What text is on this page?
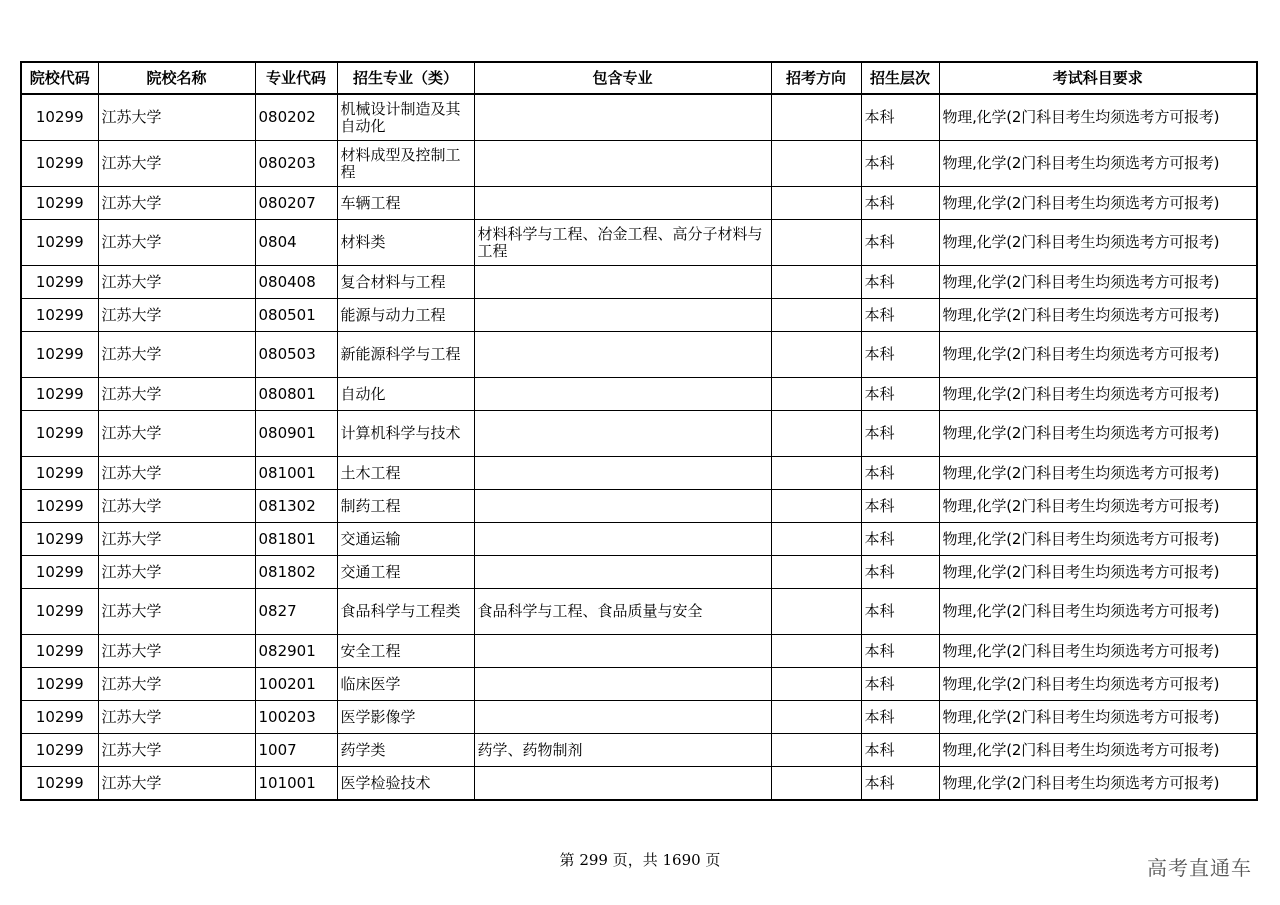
院校代码	院校名称	专业代码	招生专业（类）	包含专业	招考方向	招生层次	考试科目要求
10299	江苏大学	080202	机械设计制造及其自动化			本科	物理,化学(2门科目考生均须选考方可报考)
10299	江苏大学	080203	材料成型及控制工程			本科	物理,化学(2门科目考生均须选考方可报考)
10299	江苏大学	080207	车辆工程			本科	物理,化学(2门科目考生均须选考方可报考)
10299	江苏大学	0804	材料类	材料科学与工程、冶金工程、高分子材料与工程		本科	物理,化学(2门科目考生均须选考方可报考)
10299	江苏大学	080408	复合材料与工程			本科	物理,化学(2门科目考生均须选考方可报考)
10299	江苏大学	080501	能源与动力工程			本科	物理,化学(2门科目考生均须选考方可报考)
10299	江苏大学	080503	新能源科学与工程			本科	物理,化学(2门科目考生均须选考方可报考)
10299	江苏大学	080801	自动化			本科	物理,化学(2门科目考生均须选考方可报考)
10299	江苏大学	080901	计算机科学与技术			本科	物理,化学(2门科目考生均须选考方可报考)
10299	江苏大学	081001	土木工程			本科	物理,化学(2门科目考生均须选考方可报考)
10299	江苏大学	081302	制药工程			本科	物理,化学(2门科目考生均须选考方可报考)
10299	江苏大学	081801	交通运输			本科	物理,化学(2门科目考生均须选考方可报考)
10299	江苏大学	081802	交通工程			本科	物理,化学(2门科目考生均须选考方可报考)
10299	江苏大学	0827	食品科学与工程类	食品科学与工程、食品质量与安全		本科	物理,化学(2门科目考生均须选考方可报考)
10299	江苏大学	082901	安全工程			本科	物理,化学(2门科目考生均须选考方可报考)
10299	江苏大学	100201	临床医学			本科	物理,化学(2门科目考生均须选考方可报考)
10299	江苏大学	100203	医学影像学			本科	物理,化学(2门科目考生均须选考方可报考)
10299	江苏大学	1007	药学类	药学、药物制剂		本科	物理,化学(2门科目考生均须选考方可报考)
10299	江苏大学	101001	医学检验技术			本科	物理,化学(2门科目考生均须选考方可报考)
第 299 页，共 1690 页	高考直通车
